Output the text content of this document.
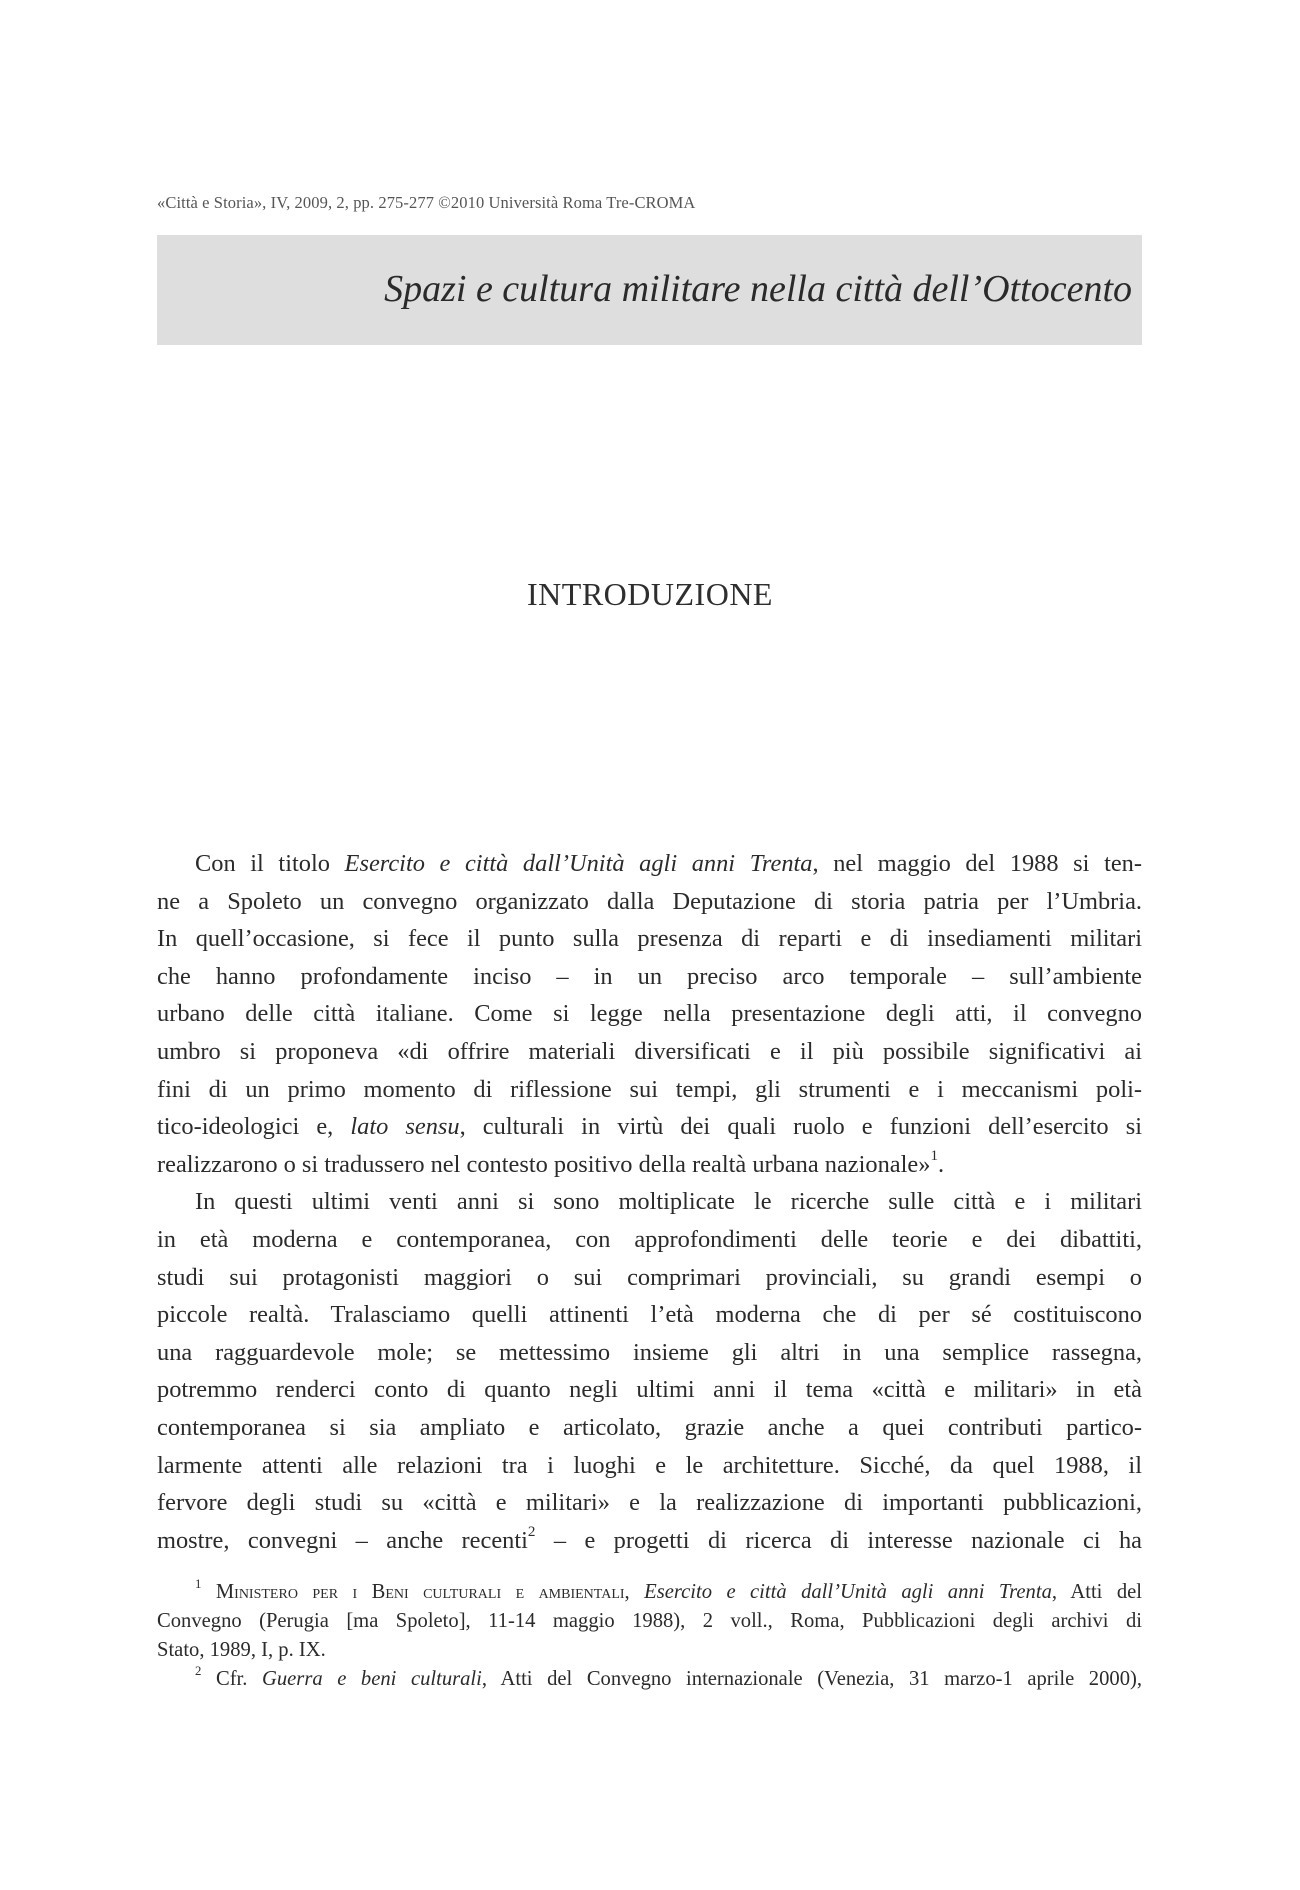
«Città e Storia», IV, 2009, 2, pp. 275-277 ©2010 Università Roma Tre-CROMA
Spazi e cultura militare nella città dell’Ottocento
INTRODUZIONE
Con il titolo Esercito e città dall’Unità agli anni Trenta, nel maggio del 1988 si ten-
ne a Spoleto un convegno organizzato dalla Deputazione di storia patria per l’Umbria.
In quell’occasione, si fece il punto sulla presenza di reparti e di insediamenti militari
che hanno profondamente inciso – in un preciso arco temporale – sull’ambiente
urbano delle città italiane. Come si legge nella presentazione degli atti, il convegno
umbro si proponeva «di offrire materiali diversificati e il più possibile significativi ai
fini di un primo momento di riflessione sui tempi, gli strumenti e i meccanismi poli-
tico-ideologici e, lato sensu, culturali in virtù dei quali ruolo e funzioni dell’esercito si
realizzarono o si tradussero nel contesto positivo della realtà urbana nazionale»$^1$.
In questi ultimi venti anni si sono moltiplicate le ricerche sulle città e i militari
in età moderna e contemporanea, con approfondimenti delle teorie e dei dibattiti,
studi sui protagonisti maggiori o sui comprimari provinciali, su grandi esempi o
piccole realtà. Tralasciamo quelli attinenti l’età moderna che di per sé costituiscono
una ragguardevole mole; se mettessimo insieme gli altri in una semplice rassegna,
potremmo renderci conto di quanto negli ultimi anni il tema «città e militari» in età
contemporanea si sia ampliato e articolato, grazie anche a quei contributi partico-
larmente attenti alle relazioni tra i luoghi e le architetture. Sicché, da quel 1988, il
fervore degli studi su «città e militari» e la realizzazione di importanti pubblicazioni,
mostre, convegni – anche recenti$^2$ – e progetti di ricerca di interesse nazionale ci ha
$^1$ Ministero per i Beni culturali e ambientali, Esercito e città dall’Unità agli anni Trenta, Atti del
Convegno (Perugia [ma Spoleto], 11-14 maggio 1988), 2 voll., Roma, Pubblicazioni degli archivi di
Stato, 1989, I, p. IX.
$^2$ Cfr. Guerra e beni culturali, Atti del Convegno internazionale (Venezia, 31 marzo-1 aprile 2000),
